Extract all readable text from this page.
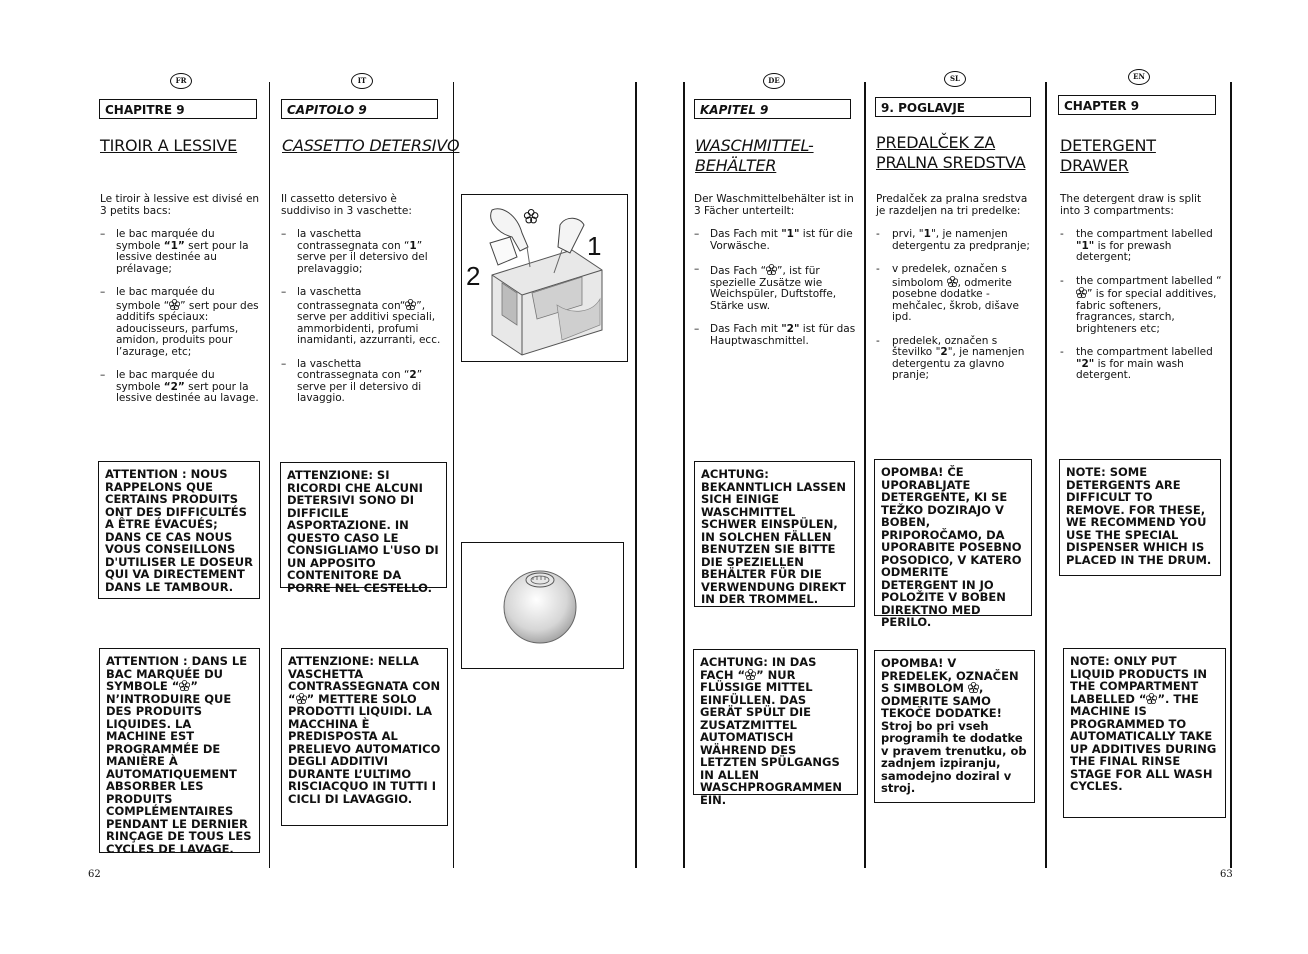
FR
CHAPITRE 9
TIROIR A LESSIVE

Le tiroir à lessive est divisé en 3 petits bacs:

–	le bac marquée du symbole “1” sert pour la lessive destinée au prélavage;
–	le bac marquée du symbole “ ” sert pour des additifs spéciaux: adoucisseurs, parfums, amidon, produits pour l’azurage, etc;
–	le bac marquée du symbole “2” sert pour la lessive destinée au lavage.

ATTENTION : NOUS RAPPELONS QUE CERTAINS PRODUITS ONT DES DIFFICULTÉS A ÊTRE ÉVACUÉS; DANS CE CAS NOUS VOUS CONSEILLONS D'UTILISER LE DOSEUR QUI VA DIRECTEMENT DANS LE TAMBOUR.

ATTENTION : DANS LE BAC MARQUÉE DU SYMBOLE “ ” N’INTRODUIRE QUE DES PRODUITS LIQUIDES. LA MACHINE EST PROGRAMMÉE DE MANIÈRE À AUTOMATIQUEMENT ABSORBER LES PRODUITS COMPLÉMENTAIRES PENDANT LE DERNIER RINÇAGE DE TOUS LES CYCLES DE LAVAGE.

IT
CAPITOLO 9
CASSETTO DETERSIVO

Il cassetto detersivo è suddiviso in 3 vaschette:

–	la vaschetta contrassegnata con “1” serve per il detersivo del prelavaggio;
–	la vaschetta contrassegnata con“ ”, serve per additivi speciali, ammorbidenti, profumi inamidanti, azzurranti, ecc.
–	la vaschetta contrassegnata con “2” serve per il detersivo di lavaggio.

ATTENZIONE: SI RICORDI CHE ALCUNI DETERSIVI SONO DI DIFFICILE ASPORTAZIONE. IN QUESTO CASO LE CONSIGLIAMO L'USO DI UN APPOSITO CONTENITORE DA PORRE NEL CESTELLO.

ATTENZIONE: NELLA VASCHETTA CONTRASSEGNATA CON “ ” METTERE SOLO PRODOTTI LIQUIDI. LA MACCHINA È PREDISPOSTA AL PRELIEVO AUTOMATICO DEGLI ADDITIVI DURANTE L’ULTIMO RISCIACQUO IN TUTTI I CICLI DI LAVAGGIO.

1
2
DE
KAPITEL 9
WASCHMITTEL-
BEHÄLTER

Der Waschmittelbehälter ist in 3 Fächer unterteilt:

–	Das Fach mit "1" ist für die Vorwäsche.
–	Das Fach “ ”, ist für spezielle Zusätze wie Weichspüler, Duftstoffe, Stärke usw.
–	Das Fach mit "2" ist für das Hauptwaschmittel.

ACHTUNG: BEKANNTLICH LASSEN SICH EINIGE WASCHMITTEL SCHWER EINSPÜLEN, IN SOLCHEN FÄLLEN BENUTZEN SIE BITTE DIE SPEZIELLEN BEHÄLTER FÜR DIE VERWENDUNG DIREKT IN DER TROMMEL.

ACHTUNG: IN DAS FACH “ ” NUR FLÜSSIGE MITTEL EINFÜLLEN. DAS GERÄT SPÜLT DIE ZUSATZMITTEL AUTOMATISCH WÄHREND DES LETZTEN SPÜLGANGS IN ALLEN WASCHPROGRAMMEN EIN.

SL
9. POGLAVJE
PREDALČEK ZA
PRALNA SREDSTVA

Predalček za pralna sredstva je razdeljen na tri predelke:

-	prvi, "1", je namenjen detergentu za predpranje;
-	v predelek, označen s simbolom , odmerite posebne dodatke - mehčalec, škrob, dišave ipd.
-	predelek, označen s številko "2", je namenjen detergentu za glavno pranje;

OPOMBA! ČE UPORABLJATE DETERGENTE, KI SE TEŽKO DOZIRAJO V BOBEN, PRIPOROČAMO, DA UPORABITE POSEBNO POSODICO, V KATERO ODMERITE DETERGENT IN JO POLOŽITE V BOBEN DIREKTNO MED PERILO.

OPOMBA! V PREDELEK, OZNAČEN S SIMBOLOM , ODMERITE SAMO TEKOČE DODATKE! Stroj bo pri vseh programih te dodatke v pravem trenutku, ob zadnjem izpiranju, samodejno doziral v stroj.

EN
CHAPTER 9
DETERGENT
DRAWER

The detergent draw is split into 3 compartments:

-	the compartment labelled "1" is for prewash detergent;
-	the compartment labelled “” is for special additives, fabric softeners, fragrances, starch, brighteners etc;
-	the compartment labelled "2" is for main wash detergent.

NOTE: SOME DETERGENTS ARE DIFFICULT TO REMOVE. FOR THESE, WE RECOMMEND YOU USE THE SPECIAL DISPENSER WHICH IS PLACED IN THE DRUM.

NOTE: ONLY PUT LIQUID PRODUCTS IN THE COMPARTMENT LABELLED “ ”. THE MACHINE IS PROGRAMMED TO AUTOMATICALLY TAKE UP ADDITIVES DURING THE FINAL RINSE STAGE FOR ALL WASH CYCLES.

62	63
